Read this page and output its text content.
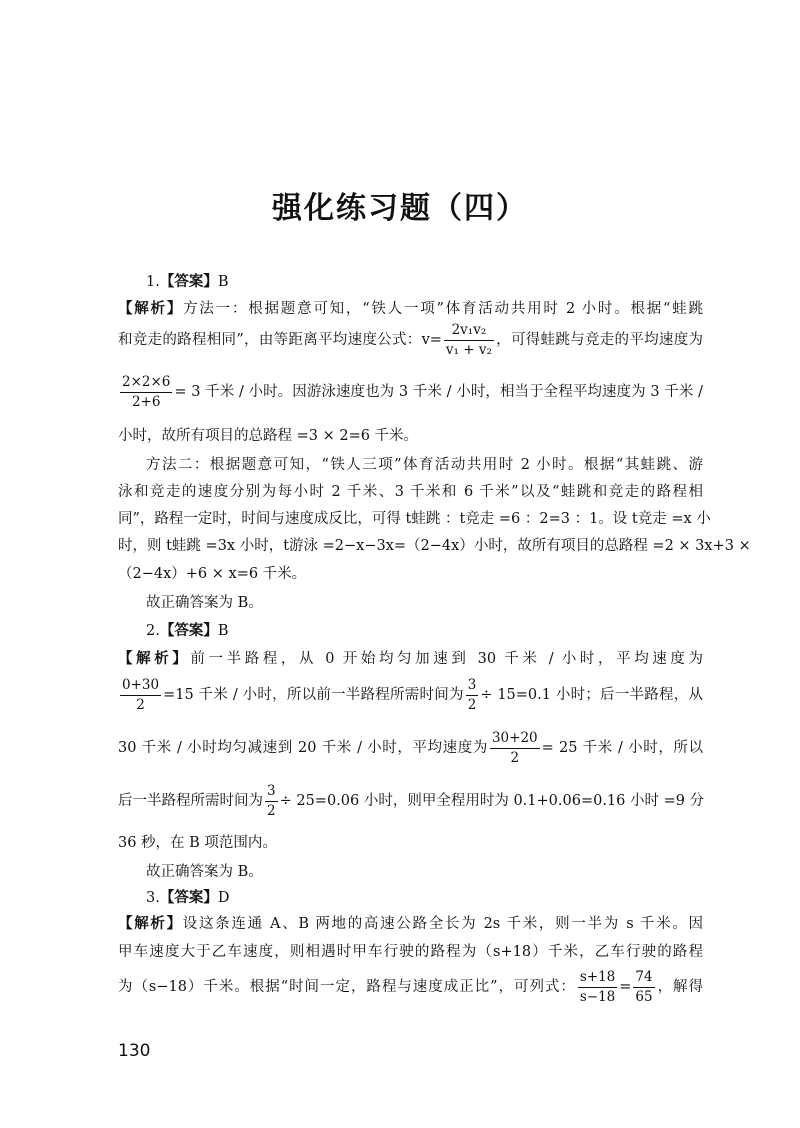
强化练习题（四）
1.【答案】B
【解析】方法一：根据题意可知，“铁人一项”体育活动共用时 2 小时。根据“蛙跳
和竞走的路程相同”，由等距离平均速度公式：$v= \frac{\text{2v₁v₂}}{\text{v₁ + v₂}}$ ，可得蛙跳与竞走的平均速度为
$\frac{2\times 2\times 6}{2+6} = 3$ 千米 / 小时。因游泳速度也为 3 千米 / 小时，相当于全程平均速度为 3 千米 /
小时，故所有项目的总路程 =3 × 2=6 千米。
方法二：根据题意可知，“铁人三项”体育活动共用时 2 小时。根据“其蛙跳、游
泳和竞走的速度分别为每小时 2 千米、3 千米和 6 千米”以及“蛙跳和竞走的路程相
同”，路程一定时，时间与速度成反比，可得 t蛙跳 ：t竞走 =6 ：2=3 ：1。设 t竞走 =x 小
时，则 t蛙跳 =3x 小时，t游泳 =2−x−3x=（2−4x）小时，故所有项目的总路程 =2 × 3x+3 ×
（2−4x）+6 × x=6 千米。
故正确答案为 B。
2.【答案】B
【解析】前一半路程，从 0 开始均匀加速到 30 千米 / 小时，平均速度为
$\frac{0+30}{2} =15$ 千米 / 小时，所以前一半路程所需时间为 $\frac{3}{2} \div 15=0.1$ 小时；后一半路程，从
30 千米 / 小时均匀减速到 20 千米 / 小时，平均速度为 $\frac{30+20}{2} = 25$ 千米 / 小时，所以
后一半路程所需时间为 $\frac{3}{2} \div 25=0.06$ 小时，则甲全程用时为 0.1+0.06=0.16 小时 =9 分
36 秒，在 B 项范围内。
故正确答案为 B。
3.【答案】D
【解析】设这条连通 A、B 两地的高速公路全长为 2s 千米，则一半为 s 千米。因
甲车速度大于乙车速度，则相遇时甲车行驶的路程为（s+18）千米，乙车行驶的路程
为（s−18）千米。根据“时间一定，路程与速度成正比”，可列式： $\frac{s+18}{s-18} = \frac{74}{65}$ ，解得
130
